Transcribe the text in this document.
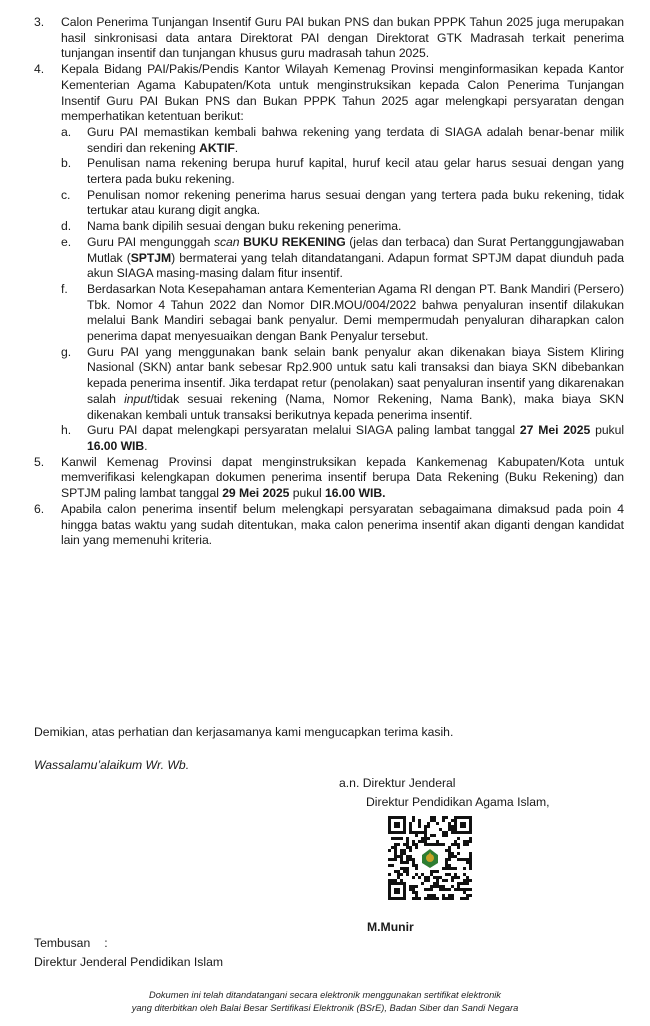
3.	Calon Penerima Tunjangan Insentif Guru PAI bukan PNS dan bukan PPPK Tahun 2025 juga merupakan hasil sinkronisasi data antara Direktorat PAI dengan Direktorat GTK Madrasah terkait penerima tunjangan insentif dan tunjangan khusus guru madrasah tahun 2025.
4.	Kepala Bidang PAI/Pakis/Pendis Kantor Wilayah Kemenag Provinsi menginformasikan kepada Kantor Kementerian Agama Kabupaten/Kota untuk menginstruksikan kepada Calon Penerima Tunjangan Insentif Guru PAI Bukan PNS dan Bukan PPPK Tahun 2025 agar melengkapi persyaratan dengan memperhatikan ketentuan berikut:
a.	Guru PAI memastikan kembali bahwa rekening yang terdata di SIAGA adalah benar-benar milik sendiri dan rekening AKTIF.
b.	Penulisan nama rekening berupa huruf kapital, huruf kecil atau gelar harus sesuai dengan yang tertera pada buku rekening.
c.	Penulisan nomor rekening penerima harus sesuai dengan yang tertera pada buku rekening, tidak tertukar atau kurang digit angka.
d.	Nama bank dipilih sesuai dengan buku rekening penerima.
e.	Guru PAI mengunggah scan BUKU REKENING (jelas dan terbaca) dan Surat Pertanggungjawaban Mutlak (SPTJM) bermaterai yang telah ditandatangani. Adapun format SPTJM dapat diunduh pada akun SIAGA masing-masing dalam fitur insentif.
f.	Berdasarkan Nota Kesepahaman antara Kementerian Agama RI dengan PT. Bank Mandiri (Persero) Tbk. Nomor 4 Tahun 2022 dan Nomor DIR.MOU/004/2022 bahwa penyaluran insentif dilakukan melalui Bank Mandiri sebagai bank penyalur. Demi mempermudah penyaluran diharapkan calon penerima dapat menyesuaikan dengan Bank Penyalur tersebut.
g.	Guru PAI yang menggunakan bank selain bank penyalur akan dikenakan biaya Sistem Kliring Nasional (SKN) antar bank sebesar Rp2.900 untuk satu kali transaksi dan biaya SKN dibebankan kepada penerima insentif. Jika terdapat retur (penolakan) saat penyaluran insentif yang dikarenakan salah input/tidak sesuai rekening (Nama, Nomor Rekening, Nama Bank), maka biaya SKN dikenakan kembali untuk transaksi berikutnya kepada penerima insentif.
h.	Guru PAI dapat melengkapi persyaratan melalui SIAGA paling lambat tanggal 27 Mei 2025 pukul 16.00 WIB.
5.	Kanwil Kemenag Provinsi dapat menginstruksikan kepada Kankemenag Kabupaten/Kota untuk memverifikasi kelengkapan dokumen penerima insentif berupa Data Rekening (Buku Rekening) dan SPTJM paling lambat tanggal 29 Mei 2025 pukul 16.00 WIB.
6.	Apabila calon penerima insentif belum melengkapi persyaratan sebagaimana dimaksud pada poin 4 hingga batas waktu yang sudah ditentukan, maka calon penerima insentif akan diganti dengan kandidat lain yang memenuhi kriteria.
Demikian, atas perhatian dan kerjasamanya kami mengucapkan terima kasih.
Wassalamu’alaikum Wr. Wb.
a.n. Direktur Jenderal
Direktur Pendidikan Agama Islam,
M.Munir
Tembusan :
Direktur Jenderal Pendidikan Islam
Dokumen ini telah ditandatangani secara elektronik menggunakan sertifikat elektronik
yang diterbitkan oleh Balai Besar Sertifikasi Elektronik (BSrE), Badan Siber dan Sandi Negara
